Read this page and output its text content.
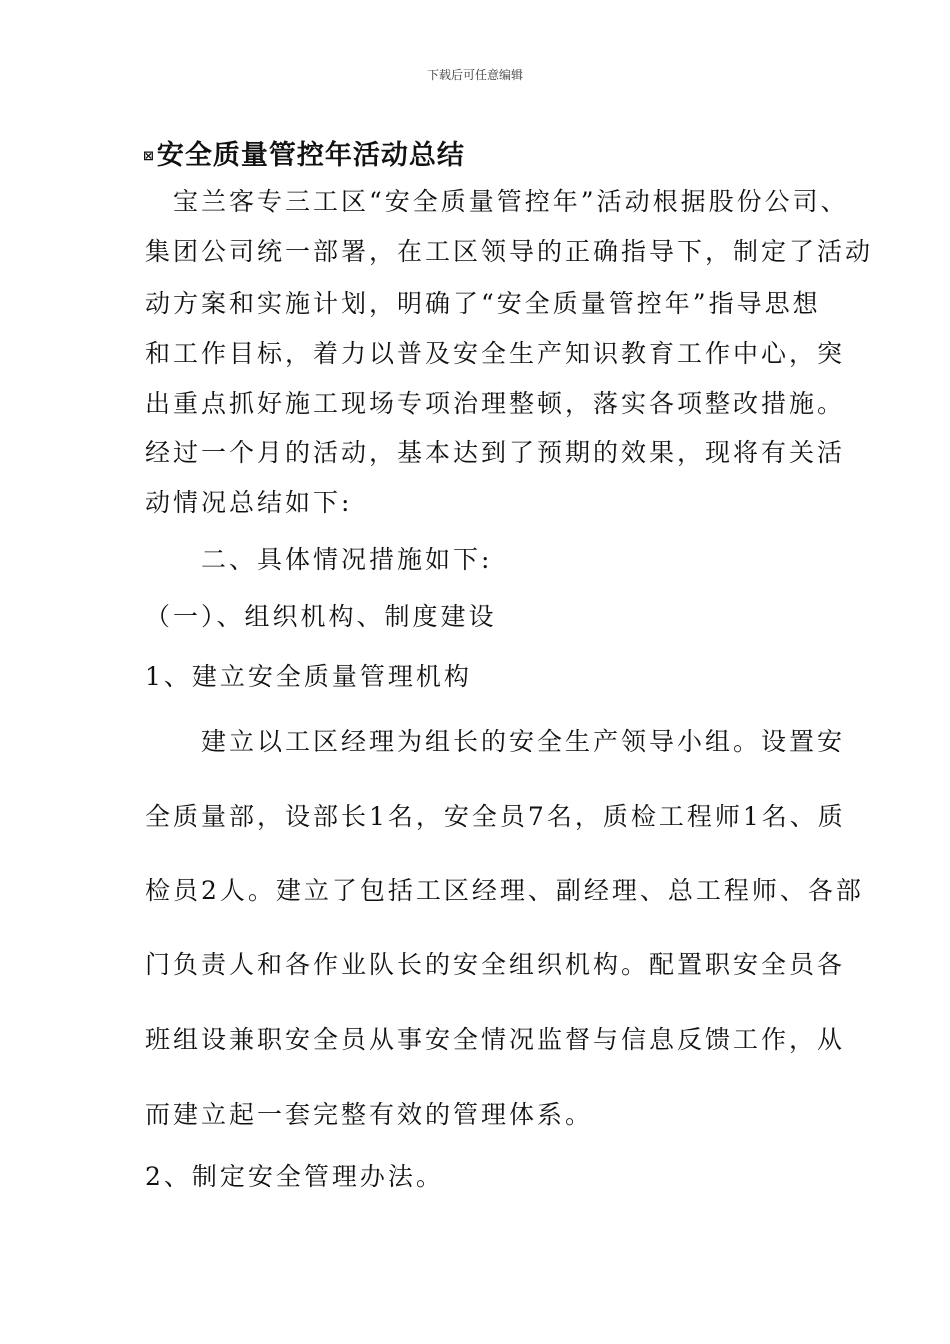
下载后可任意编辑
⊠安全质量管控年活动总结
　宝兰客专三工区“安全质量管控年”活动根据股份公司、
集团公司统一部署，在工区领导的正确指导下，制定了活动
动方案和实施计划，明确了“安全质量管控年”指导思想
和工作目标，着力以普及安全生产知识教育工作中心，突
出重点抓好施工现场专项治理整顿，落实各项整改措施。
经过一个月的活动，基本达到了预期的效果，现将有关活
动情况总结如下:
　　二、具体情况措施如下:
（一）、组织机构、制度建设
1、建立安全质量管理机构
　　建立以工区经理为组长的安全生产领导小组。设置安
全质量部，设部长1名，安全员7名，质检工程师1名、质
检员2人。建立了包括工区经理、副经理、总工程师、各部
门负责人和各作业队长的安全组织机构。配置职安全员各
班组设兼职安全员从事安全情况监督与信息反馈工作，从
而建立起一套完整有效的管理体系。
2、制定安全管理办法。
